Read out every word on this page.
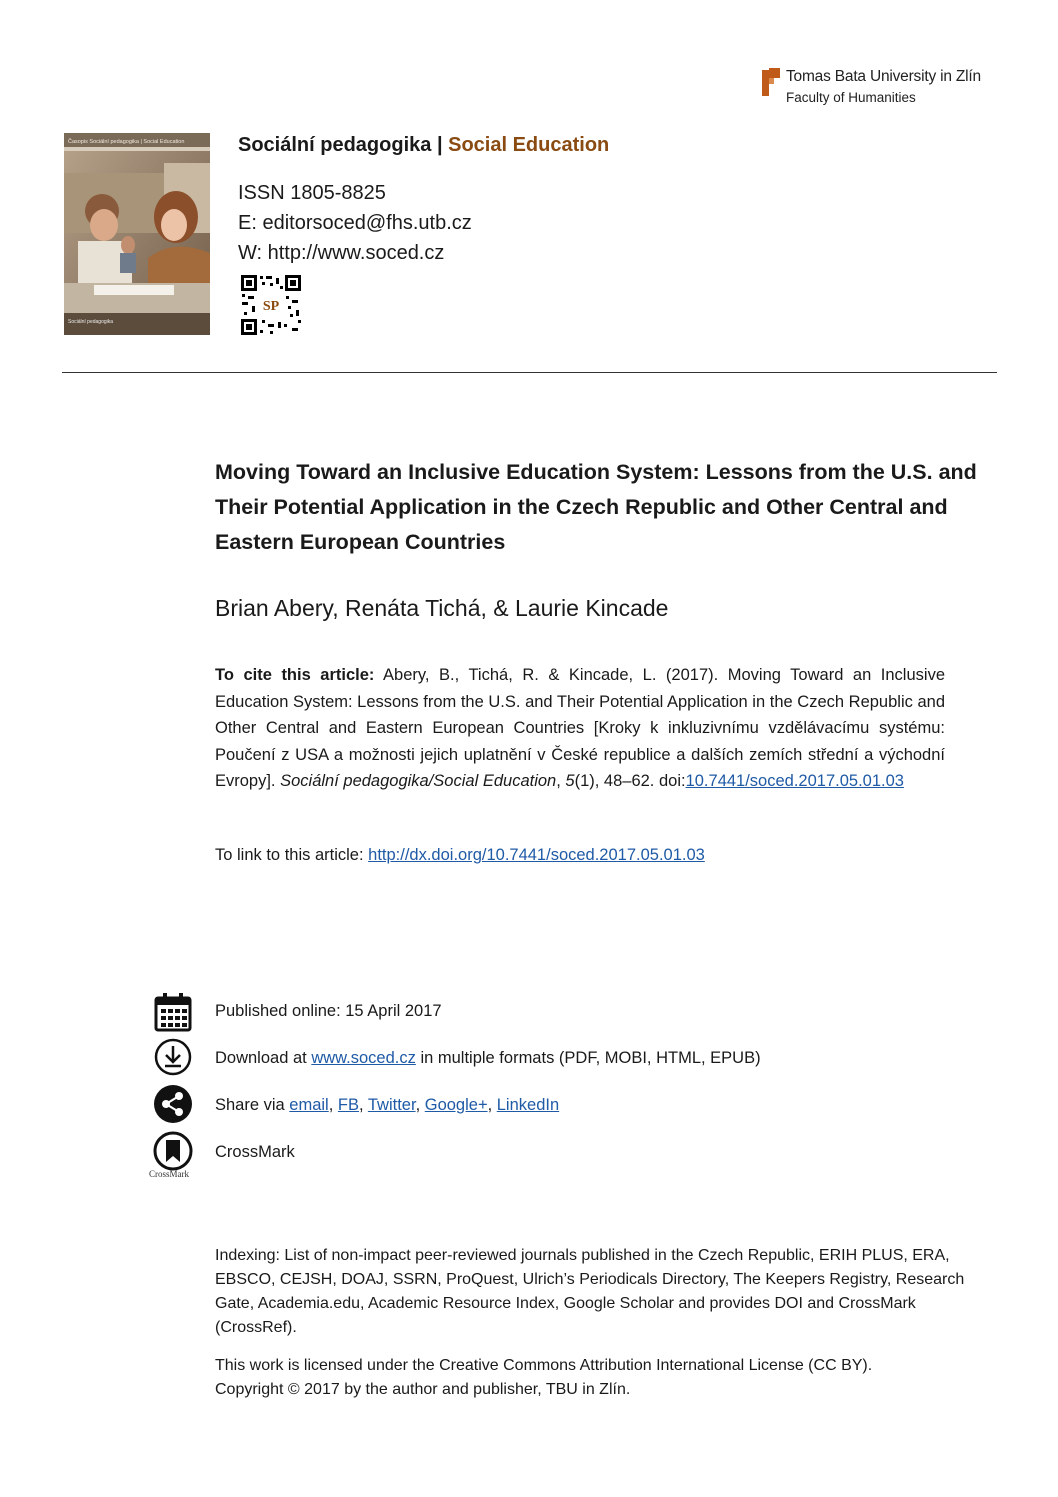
Tomas Bata University in Zlín
Faculty of Humanities
Časopis Sociální pedagogika | Social Education
Sociální pedagogika
Sociální pedagogika | Social Education
ISSN 1805-8825
E: editorsoced@fhs.utb.cz
W: http://www.soced.cz
SP
Moving Toward an Inclusive Education System: Lessons from the U.S. and Their Potential Application in the Czech Republic and Other Central and Eastern European Countries
Brian Abery, Renáta Tichá, & Laurie Kincade
To cite this article: Abery, B., Tichá, R. & Kincade, L. (2017). Moving Toward an Inclusive Education System: Lessons from the U.S. and Their Potential Application in the Czech Republic and Other Central and Eastern European Countries [Kroky k inkluzivnímu vzdělávacímu systému: Poučení z USA a možnosti jejich uplatnění v České republice a dalších zemích střední a východní Evropy]. Sociální pedagogika/Social Education, 5(1), 48–62. doi:10.7441/soced.2017.05.01.03
To link to this article: http://dx.doi.org/10.7441/soced.2017.05.01.03
Published online: 15 April 2017
Download at www.soced.cz in multiple formats (PDF, MOBI, HTML, EPUB)
Share via email, FB, Twitter, Google+, LinkedIn
CrossMark
CrossMark
Indexing: List of non-impact peer-reviewed journals published in the Czech Republic, ERIH PLUS, ERA, EBSCO, CEJSH, DOAJ, SSRN, ProQuest, Ulrich’s Periodicals Directory, The Keepers Registry, Research Gate, Academia.edu, Academic Resource Index, Google Scholar and provides DOI and CrossMark (CrossRef).
This work is licensed under the Creative Commons Attribution International License (CC BY).
Copyright © 2017 by the author and publisher, TBU in Zlín.
